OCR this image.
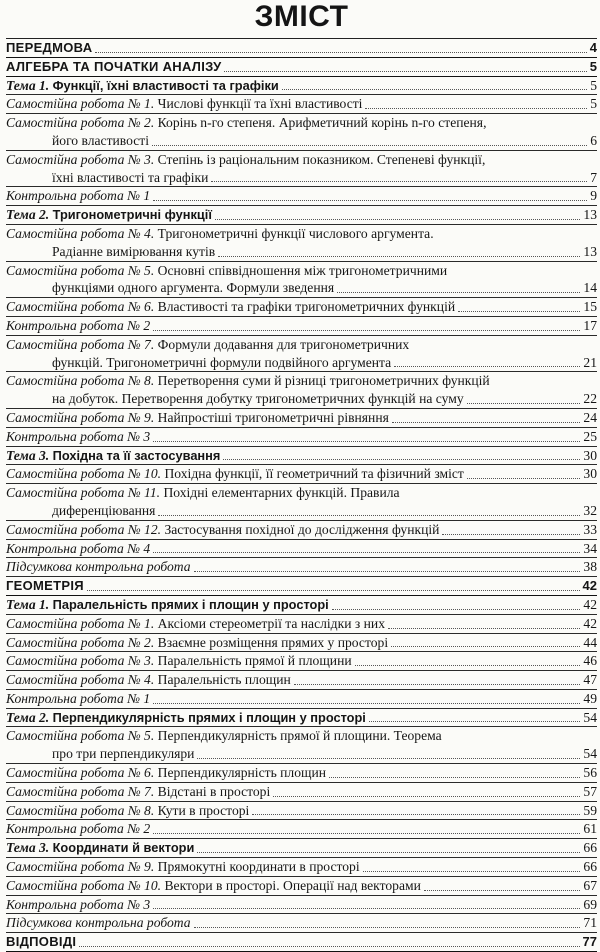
ЗМІСТ
ПЕРЕДМОВА	4
АЛГЕБРА ТА ПОЧАТКИ АНАЛІЗУ	5
Тема 1. Функції, їхні властивості та графіки	5
Самостійна робота № 1. Числові функції та їхні властивості	5
Самостійна робота № 2. Корінь n-го степеня. Арифметичний корінь n-го степеня,
його властивості	6
Самостійна робота № 3. Степінь із раціональним показником. Степеневі функції,
їхні властивості та графіки	7
Контрольна робота № 1	9
Тема 2. Тригонометричні функції	13
Самостійна робота № 4. Тригонометричні функції числового аргумента.
Радіанне вимірювання кутів	13
Самостійна робота № 5. Основні співвідношення між тригонометричними
функціями одного аргумента. Формули зведення	14
Самостійна робота № 6. Властивості та графіки тригонометричних функцій	15
Контрольна робота № 2	17
Самостійна робота № 7. Формули додавання для тригонометричних
функцій. Тригонометричні формули подвійного аргумента	21
Самостійна робота № 8. Перетворення суми й різниці тригонометричних функцій
на добуток. Перетворення добутку тригонометричних функцій на суму	22
Самостійна робота № 9. Найпростіші тригонометричні рівняння	24
Контрольна робота № 3	25
Тема 3. Похідна та її застосування	30
Самостійна робота № 10. Похідна функції, її геометричний та фізичний зміст	30
Самостійна робота № 11. Похідні елементарних функцій. Правила
диференціювання	32
Самостійна робота № 12. Застосування похідної до дослідження функцій	33
Контрольна робота № 4	34
Підсумкова контрольна робота	38
ГЕОМЕТРІЯ	42
Тема 1. Паралельність прямих і площин у просторі	42
Самостійна робота № 1. Аксіоми стереометрії та наслідки з них	42
Самостійна робота № 2. Взаємне розміщення прямих у просторі	44
Самостійна робота № 3. Паралельність прямої й площини	46
Самостійна робота № 4. Паралельність площин	47
Контрольна робота № 1	49
Тема 2. Перпендикулярність прямих і площин у просторі	54
Самостійна робота № 5. Перпендикулярність прямої й площини. Теорема
про три перпендикуляри	54
Самостійна робота № 6. Перпендикулярність площин	56
Самостійна робота № 7. Відстані в просторі	57
Самостійна робота № 8. Кути в просторі	59
Контрольна робота № 2	61
Тема 3. Координати й вектори	66
Самостійна робота № 9. Прямокутні координати в просторі	66
Самостійна робота № 10. Вектори в просторі. Операції над векторами	67
Контрольна робота № 3	69
Підсумкова контрольна робота	71
ВІДПОВІДІ	77
